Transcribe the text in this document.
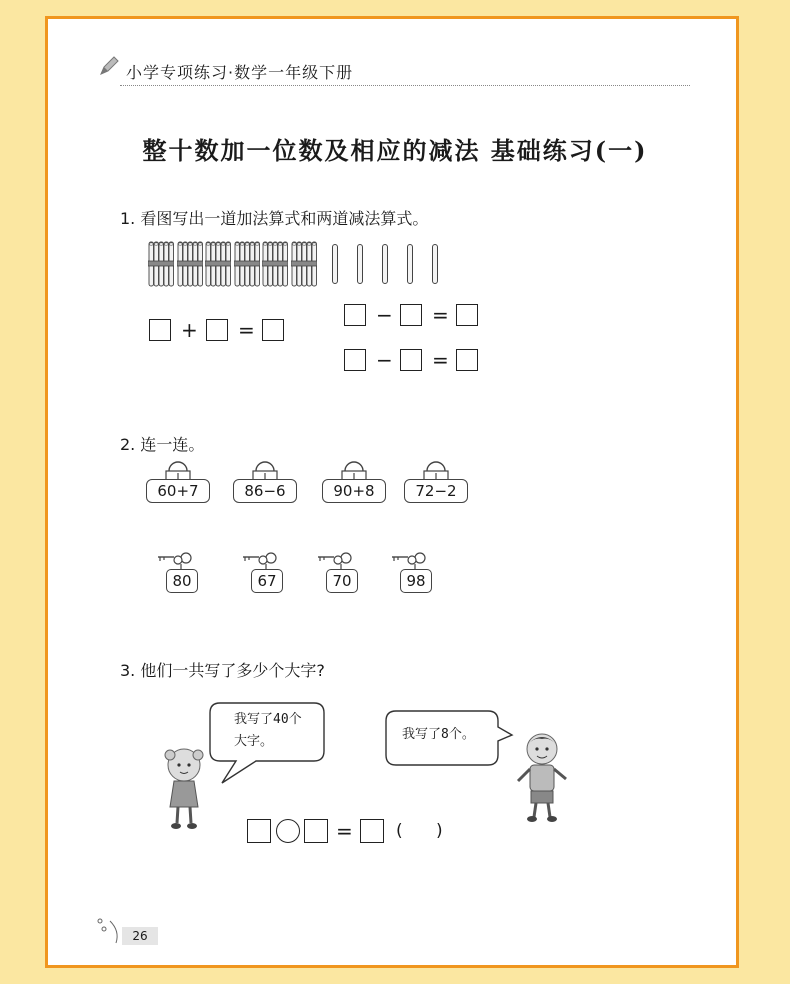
小学专项练习·数学一年级下册
整十数加一位数及相应的减法 基础练习(一)
1. 看图写出一道加法算式和两道减法算式。
+ =
− =
− =
2. 连一连。
60+7	86−6	90+8	72−2
80	67	70	98
3. 他们一共写了多少个大字?
我写了40个
大字。	我写了8个。
=	( )
26
